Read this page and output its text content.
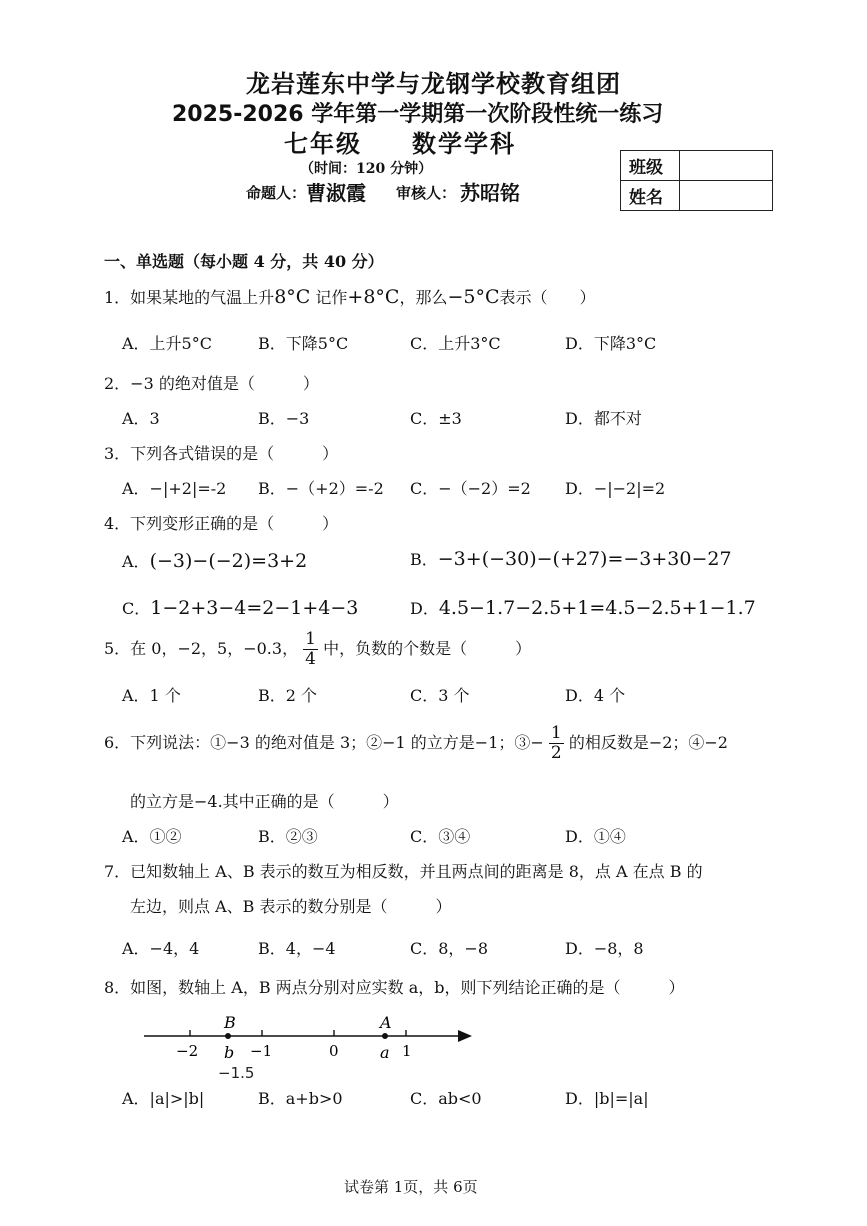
龙岩莲东中学与龙钢学校教育组团
2025-2026 学年第一学期第一次阶段性统一练习
七年级 数学学科
（时间：120 分钟）
命题人： 曹淑霞 审核人： 苏昭铭
班级	
姓名	
一、单选题（每小题 4 分，共 40 分）
1．如果某地的气温上升8°C 记作+8°C，那么−5°C表示（　　）
A．上升5°C	B．下降5°C	C．上升3°C	D．下降3°C
2．−3 的绝对值是（　　　）
A．3	B．−3	C．±3	D．都不对
3．下列各式错误的是（　　　）
A．−|+2|=-2 B．−（+2）=-2 C．−（−2）=2 D．−|−2|=2
4．下列变形正确的是（　　　）
A．(−3)−(−2)=3+2	B．−3+(−30)−(+27)=−3+30−27
C．1−2+3−4=2−1+4−3	D．4.5−1.7−2.5+1=4.5−2.5+1−1.7
5．在 0，−2，5，−0.3， $\frac{1}{4}$ 中，负数的个数是（　　　）
A．1 个	B．2 个	C．3 个	D．4 个
6．下列说法：①−3 的绝对值是 3；②−1 的立方是−1；③− $\frac{1}{2}$ 的相反数是−2；④−2
的立方是−4.其中正确的是（　　　）
A．①②	B．②③	C．③④	D．①④
7．已知数轴上 A、B 表示的数互为相反数，并且两点间的距离是 8，点 A 在点 B 的
左边，则点 A、B 表示的数分别是（　　　）
A．−4，4	B．4，−4	C．8，−8	D．−8，8
8．如图，数轴上 A，B 两点分别对应实数 a，b，则下列结论正确的是（　　　）
B	A
−2	−1	0	1
b	a
−1.5
A．|a|>|b|	B．a+b>0	C．ab<0	D．|b|=|a|
试卷第 1页，共 6页
